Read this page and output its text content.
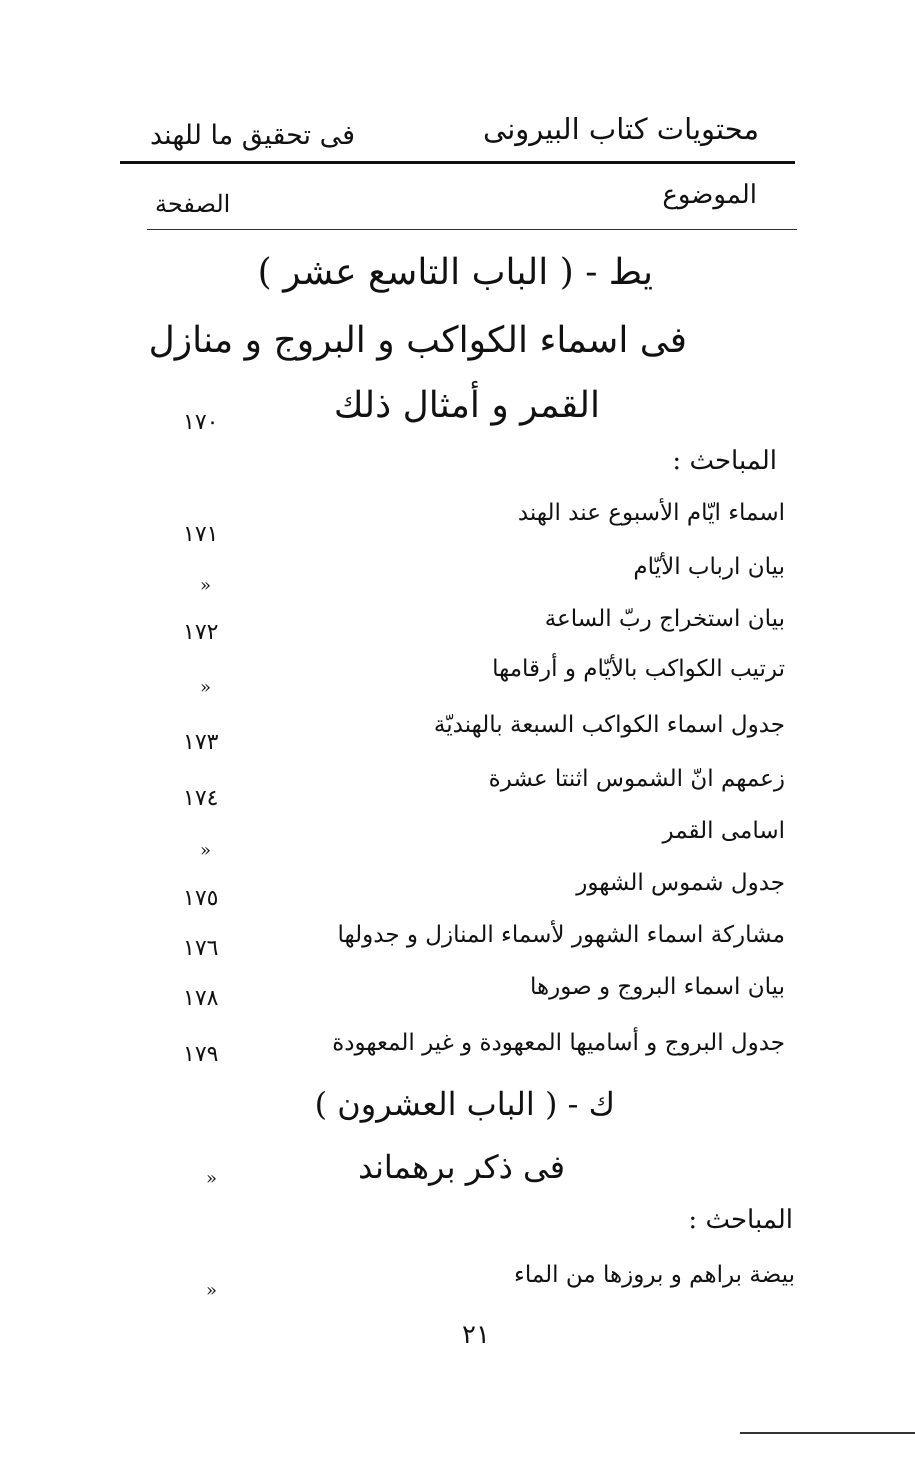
محتويات كتاب البيرونى
فى تحقيق ما للهند
الموضوع
الصفحة
يط - ( الباب التاسع عشر )
فى اسماء الكواكب و البروج و منازل
القمر و أمثال ذلك
١٧٠
المباحث :
اسماء ايّام الأسبوع عند الهند
١٧١
بيان ارباب الأيّام
»
بيان استخراج ربّ الساعة
١٧٢
ترتيب الكواكب بالأيّام و أرقامها
»
جدول اسماء الكواكب السبعة بالهنديّة
١٧٣
زعمهم انّ الشموس اثنتا عشرة
١٧٤
اسامى القمر
»
جدول شموس الشهور
١٧٥
مشاركة اسماء الشهور لأسماء المنازل و جدولها
١٧٦
بيان اسماء البروج و صورها
١٧٨
جدول البروج و أساميها المعهودة و غير المعهودة
١٧٩
ك - ( الباب العشرون )
فى ذكر برهماند
»
المباحث :
بيضة براهم و بروزها من الماء
»
٢١
